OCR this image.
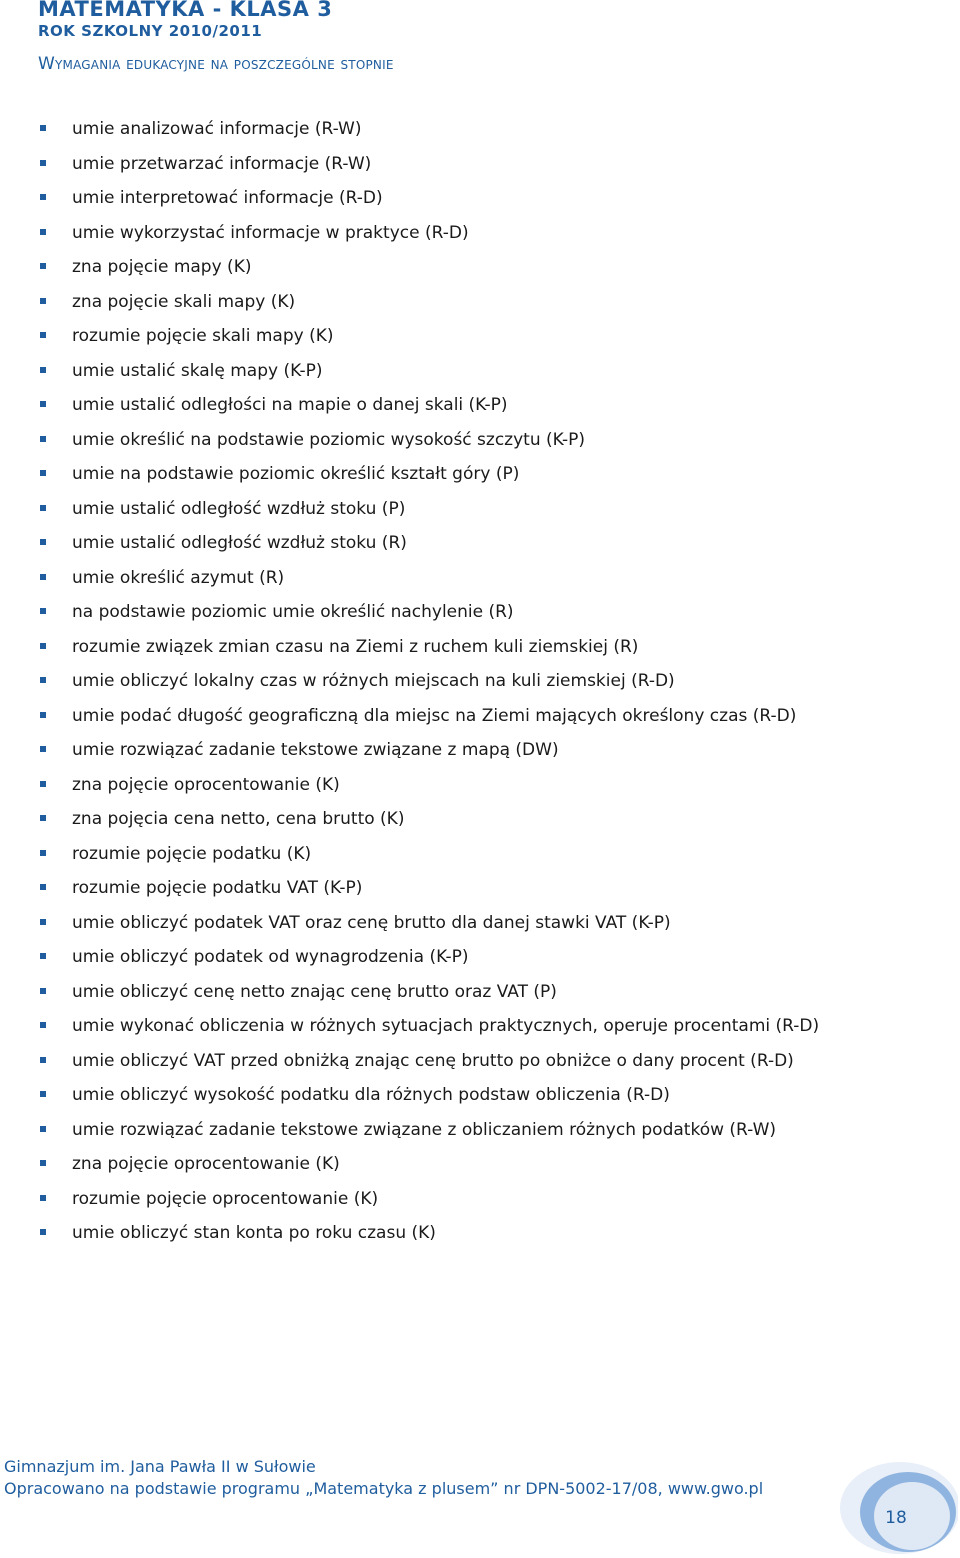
MATEMATYKA - KLASA 3
ROK SZKOLNY 2010/2011
Wymagania edukacyjne na poszczególne stopnie
umie analizować informacje (R-W)
umie przetwarzać informacje (R-W)
umie interpretować informacje (R-D)
umie wykorzystać informacje w praktyce (R-D)
zna pojęcie mapy (K)
zna pojęcie skali mapy (K)
rozumie pojęcie skali mapy (K)
umie ustalić skalę mapy (K-P)
umie ustalić odległości na mapie o danej skali (K-P)
umie określić na podstawie poziomic wysokość szczytu (K-P)
umie na podstawie poziomic określić kształt góry (P)
umie ustalić odległość wzdłuż stoku (P)
umie ustalić odległość wzdłuż stoku (R)
umie określić azymut (R)
na podstawie poziomic umie określić nachylenie (R)
rozumie związek zmian czasu na Ziemi z ruchem kuli ziemskiej (R)
umie obliczyć lokalny czas w różnych miejscach na kuli ziemskiej (R-D)
umie podać długość geograficzną dla miejsc na Ziemi mających określony czas (R-D)
umie rozwiązać zadanie tekstowe związane z mapą (DW)
zna pojęcie oprocentowanie (K)
zna pojęcia cena netto, cena brutto (K)
rozumie pojęcie podatku (K)
rozumie pojęcie podatku VAT (K-P)
umie obliczyć podatek VAT oraz cenę brutto dla danej stawki VAT (K-P)
umie obliczyć podatek od wynagrodzenia (K-P)
umie obliczyć cenę netto znając cenę brutto oraz VAT (P)
umie wykonać obliczenia w różnych sytuacjach praktycznych, operuje procentami (R-D)
umie obliczyć VAT przed obniżką znając cenę brutto po obniżce o dany procent (R-D)
umie obliczyć wysokość podatku dla różnych podstaw obliczenia (R-D)
umie rozwiązać zadanie tekstowe związane z obliczaniem różnych podatków (R-W)
zna pojęcie oprocentowanie (K)
rozumie pojęcie oprocentowanie (K)
umie obliczyć stan konta po roku czasu (K)
Gimnazjum im. Jana Pawła II w Sułowie
Opracowano na podstawie programu „Matematyka z plusem” nr DPN-5002-17/08, www.gwo.pl
18
